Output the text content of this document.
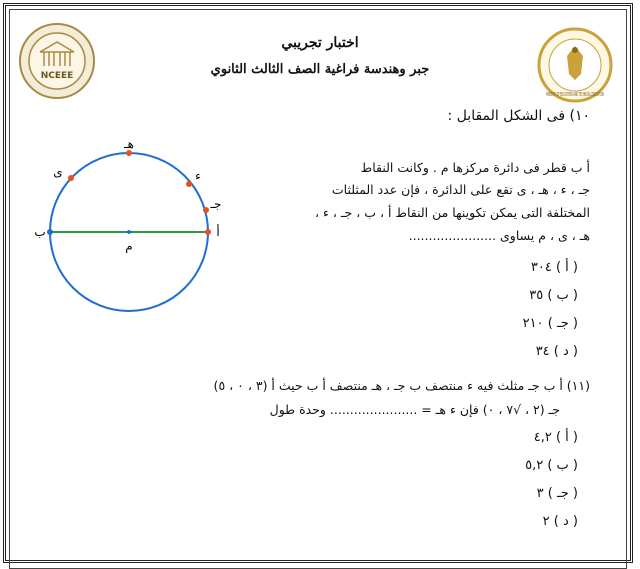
NCEEE
MINISTRY OF EDUCATION AND TECHNICAL EDUCATION
اختبار تجريبي
جبر وهندسة فراغية الصف الثالث الثانوي
١٠) فى الشكل المقابل :
أ ب قطر فى دائرة مركزها م . وكانت النقاط
جـ ، ء ، هـ ، ى تقع على الدائرة ، فإن عدد المثلثات
المختلفة التى يمكن تكوينها من النقاط أ ، ب ، جـ ، ء ،
هـ ، ى ، م يساوى ......................
( أ ) ٣٠٤
( ب ) ٣٥
( جـ ) ٢١٠
( د ) ٣٤
هـ
ى	ء
جـ
أ
ب
م
(١١) أ ب جـ مثلث فيه ء منتصف ب جـ ، هـ منتصف أ ب حيث أ (٣ ، ٠ ، ٥)
جـ (٢ ، √٧ ، ٠) فإن ء هـ = ...................... وحدة طول
( أ ) ٤,٢
( ب ) ٥,٢
( جـ ) ٣
( د ) ٢
